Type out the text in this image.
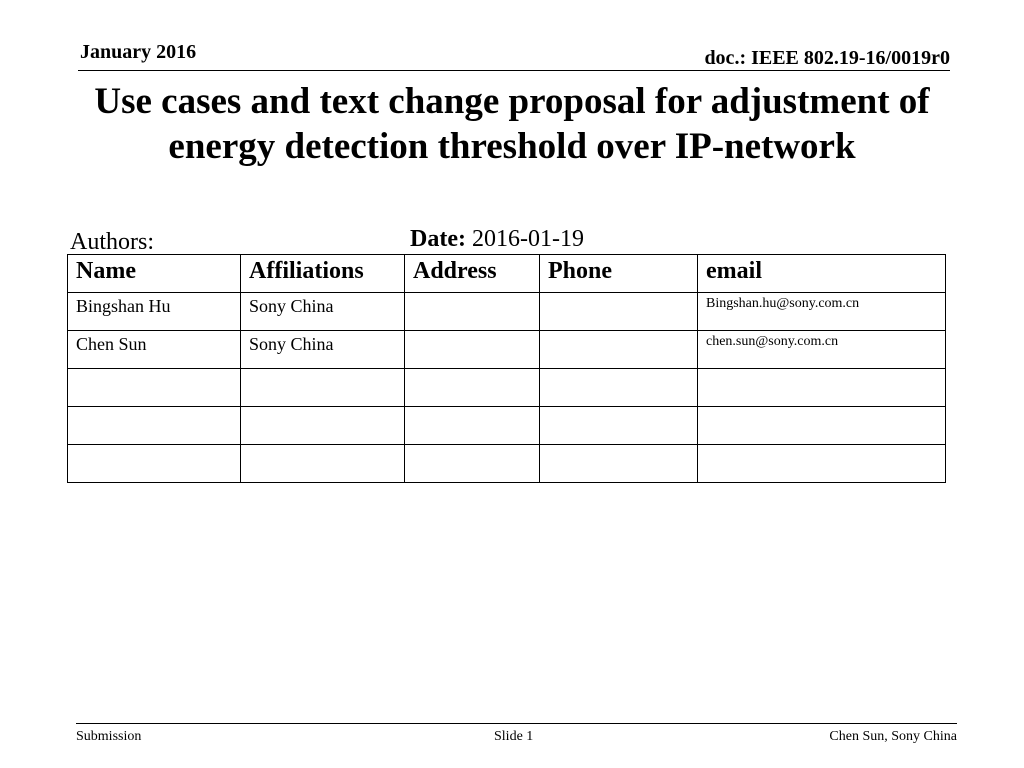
January 2016	doc.: IEEE 802.19-16/0019r0
Use cases and text change proposal for adjustment of energy detection threshold over IP-network
Authors:	Date: 2016-01-19
Name	Affiliations	Address	Phone	email
Bingshan Hu	Sony China			Bingshan.hu@sony.com.cn
Chen Sun	Sony China			chen.sun@sony.com.cn

Submission	Slide 1	Chen Sun, Sony China
